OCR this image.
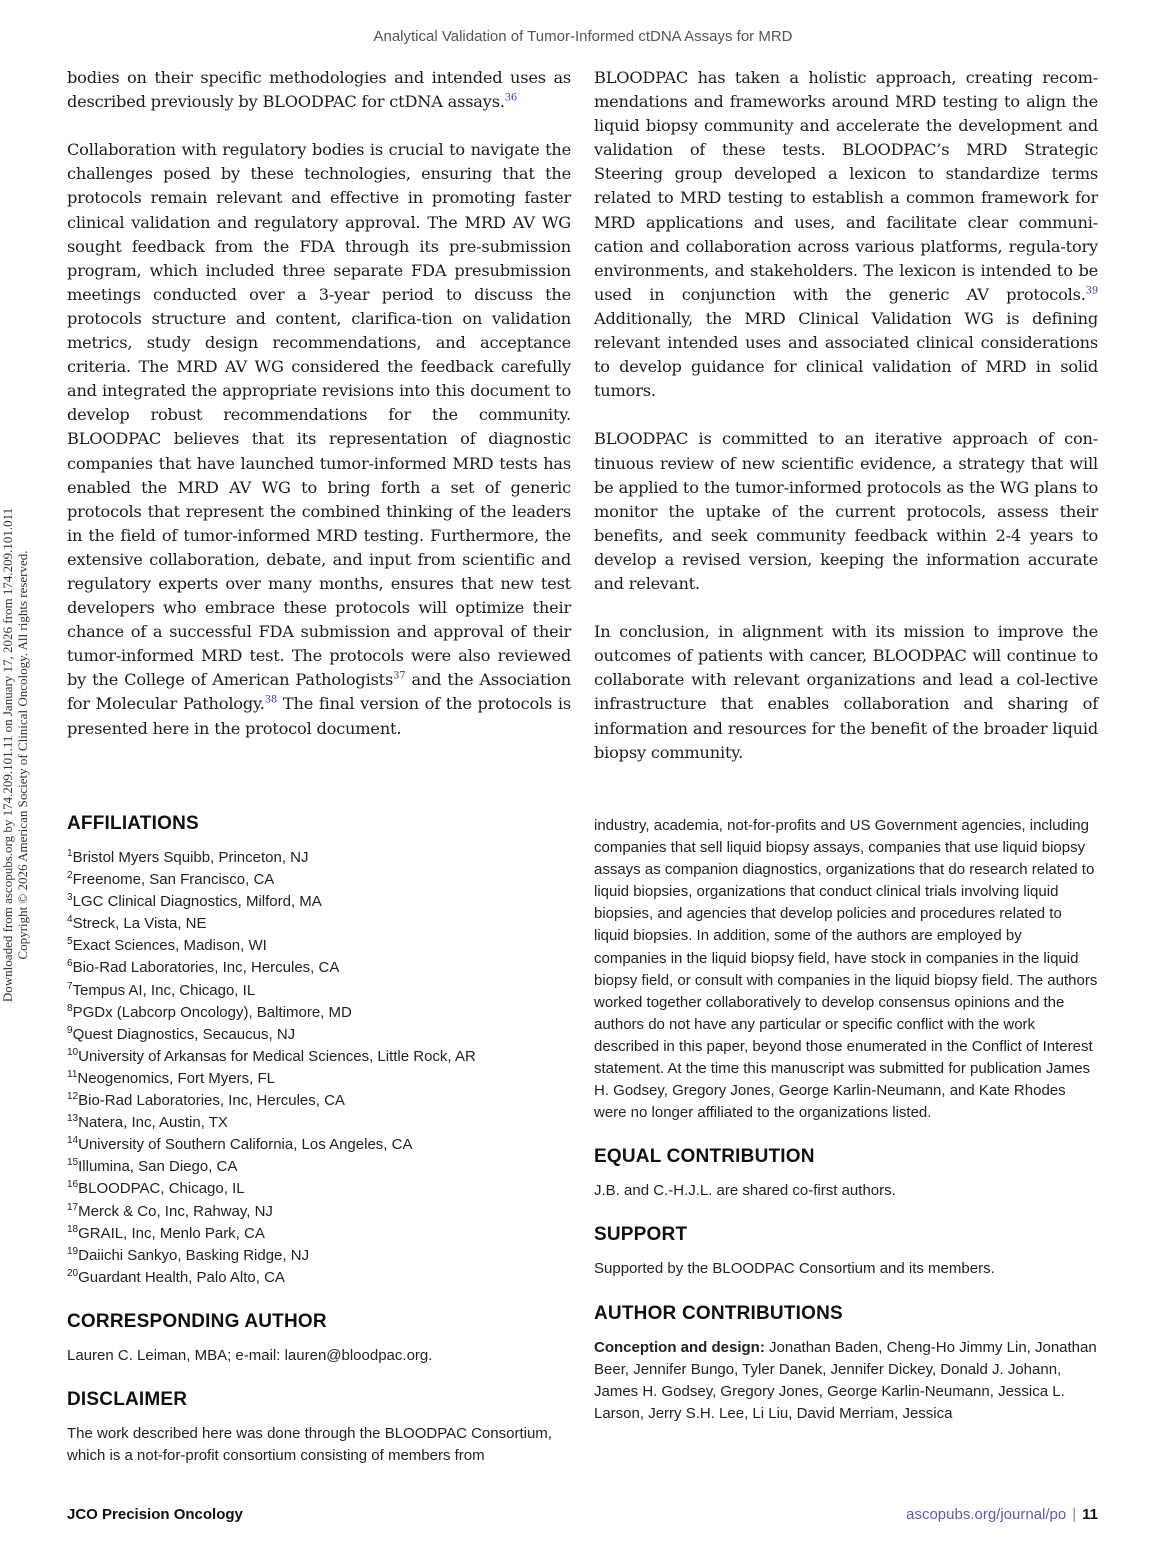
Analytical Validation of Tumor-Informed ctDNA Assays for MRD
Downloaded from ascopubs.org by 174.209.101.11 on January 17, 2026 from 174.209.101.011 Copyright © 2026 American Society of Clinical Oncology. All rights reserved.

bodies on their specific methodologies and intended uses as described previously by BLOODPAC for ctDNA assays.$^{36}$

Collaboration with regulatory bodies is crucial to navigate the challenges posed by these technologies, ensuring that the protocols remain relevant and effective in promoting faster clinical validation and regulatory approval. The MRD AV WG sought feedback from the FDA through its pre-submission program, which included three separate FDA presubmission meetings conducted over a 3-year period to discuss the protocols structure and content, clarifica-tion on validation metrics, study design recommendations, and acceptance criteria. The MRD AV WG considered the feedback carefully and integrated the appropriate revisions into this document to develop robust recommendations for the community. BLOODPAC believes that its representation of diagnostic companies that have launched tumor-informed MRD tests has enabled the MRD AV WG to bring forth a set of generic protocols that represent the combined thinking of the leaders in the field of tumor-informed MRD testing. Furthermore, the extensive collaboration, debate, and input from scientific and regulatory experts over many months, ensures that new test developers who embrace these protocols will optimize their chance of a successful FDA submission and approval of their tumor-informed MRD test. The protocols were also reviewed by the College of American Pathologists$^{37}$ and the Association for Molecular Pathology.$^{38}$ The final version of the protocols is presented here in the protocol document.

BLOODPAC has taken a holistic approach, creating recom-mendations and frameworks around MRD testing to align the liquid biopsy community and accelerate the development and validation of these tests. BLOODPAC’s MRD Strategic Steering group developed a lexicon to standardize terms related to MRD testing to establish a common framework for MRD applications and uses, and facilitate clear communi-cation and collaboration across various platforms, regula-tory environments, and stakeholders. The lexicon is intended to be used in conjunction with the generic AV protocols.$^{39}$ Additionally, the MRD Clinical Validation WG is defining relevant intended uses and associated clinical considerations to develop guidance for clinical validation of MRD in solid tumors.

BLOODPAC is committed to an iterative approach of con-tinuous review of new scientific evidence, a strategy that will be applied to the tumor-informed protocols as the WG plans to monitor the uptake of the current protocols, assess their benefits, and seek community feedback within 2-4 years to develop a revised version, keeping the information accurate and relevant.

In conclusion, in alignment with its mission to improve the outcomes of patients with cancer, BLOODPAC will continue to collaborate with relevant organizations and lead a col-lective infrastructure that enables collaboration and sharing of information and resources for the benefit of the broader liquid biopsy community.

AFFILIATIONS
$^1$Bristol Myers Squibb, Princeton, NJ
$^2$Freenome, San Francisco, CA
$^3$LGC Clinical Diagnostics, Milford, MA
$^4$Streck, La Vista, NE
$^5$Exact Sciences, Madison, WI
$^6$Bio-Rad Laboratories, Inc, Hercules, CA
$^7$Tempus AI, Inc, Chicago, IL
$^8$PGDx (Labcorp Oncology), Baltimore, MD
$^9$Quest Diagnostics, Secaucus, NJ
$^{10}$University of Arkansas for Medical Sciences, Little Rock, AR
$^{11}$Neogenomics, Fort Myers, FL
$^{12}$Bio-Rad Laboratories, Inc, Hercules, CA
$^{13}$Natera, Inc, Austin, TX
$^{14}$University of Southern California, Los Angeles, CA
$^{15}$Illumina, San Diego, CA
$^{16}$BLOODPAC, Chicago, IL
$^{17}$Merck & Co, Inc, Rahway, NJ
$^{18}$GRAIL, Inc, Menlo Park, CA
$^{19}$Daiichi Sankyo, Basking Ridge, NJ
$^{20}$Guardant Health, Palo Alto, CA
CORRESPONDING AUTHOR

Lauren C. Leiman, MBA; e-mail: lauren@bloodpac.org.

DISCLAIMER

The work described here was done through the BLOODPAC Consortium, which is a not-for-profit consortium consisting of members from

industry, academia, not-for-profits and US Government agencies, including companies that sell liquid biopsy assays, companies that use liquid biopsy assays as companion diagnostics, organizations that do research related to liquid biopsies, organizations that conduct clinical trials involving liquid biopsies, and agencies that develop policies and procedures related to liquid biopsies. In addition, some of the authors are employed by companies in the liquid biopsy field, have stock in companies in the liquid biopsy field, or consult with companies in the liquid biopsy field. The authors worked together collaboratively to develop consensus opinions and the authors do not have any particular or specific conflict with the work described in this paper, beyond those enumerated in the Conflict of Interest statement. At the time this manuscript was submitted for publication James H. Godsey, Gregory Jones, George Karlin-Neumann, and Kate Rhodes were no longer affiliated to the organizations listed.

EQUAL CONTRIBUTION

J.B. and C.-H.J.L. are shared co-first authors.

SUPPORT

Supported by the BLOODPAC Consortium and its members.

AUTHOR CONTRIBUTIONS

Conception and design: Jonathan Baden, Cheng-Ho Jimmy Lin, Jonathan Beer, Jennifer Bungo, Tyler Danek, Jennifer Dickey, Donald J. Johann, James H. Godsey, Gregory Jones, George Karlin-Neumann, Jessica L. Larson, Jerry S.H. Lee, Li Liu, David Merriam, Jessica

JCO Precision Oncology	ascopubs.org/journal/po | 11
